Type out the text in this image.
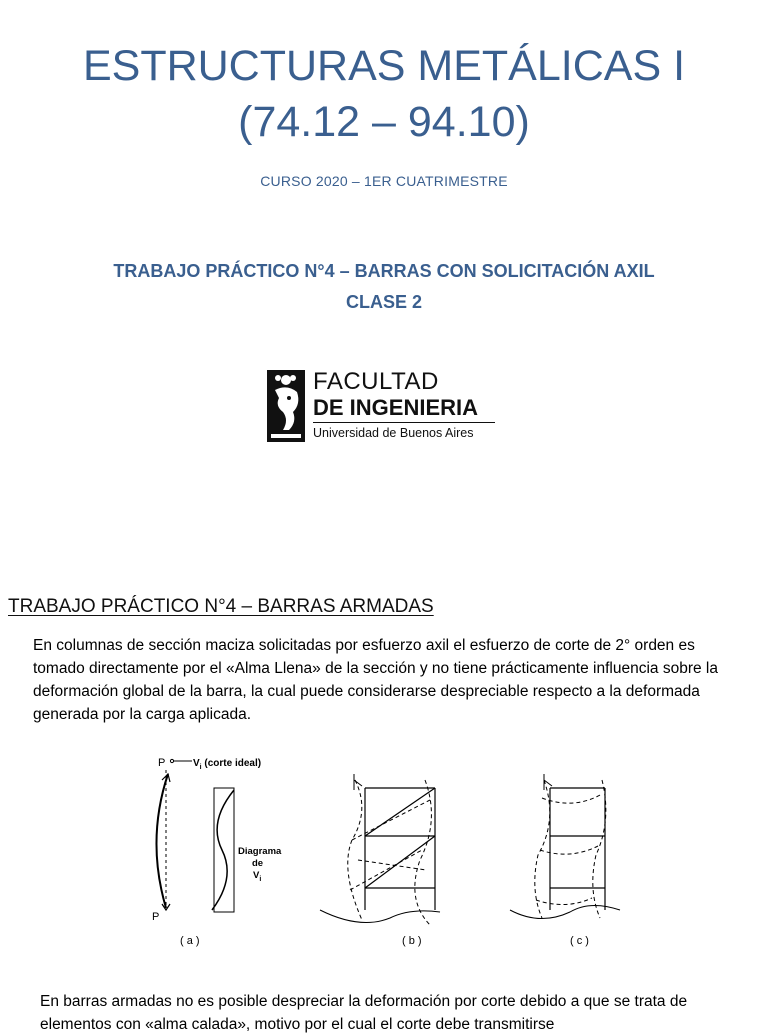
ESTRUCTURAS METÁLICAS I
(74.12 – 94.10)
CURSO 2020 – 1ER CUATRIMESTRE
TRABAJO PRÁCTICO N°4 – BARRAS CON SOLICITACIÓN AXIL
CLASE 2
FACULTAD
DE INGENIERIA
Universidad de Buenos Aires
TRABAJO PRÁCTICO N°4 – BARRAS ARMADAS
En columnas de sección maciza solicitadas por esfuerzo axil el esfuerzo de corte de 2° orden es tomado directamente por el «Alma Llena» de la sección y no tiene prácticamente influencia sobre la deformación global de la barra, la cual puede considerarse despreciable respecto a la deformada generada por la carga aplicada.
P	$V_i$ (corte ideal)
P
Diagrama
de
$V_i$
( a )	( b )	( c )
En barras armadas no es posible despreciar la deformación por corte debido a que se trata de elementos con «alma calada», motivo por el cual el corte debe transmitirse
